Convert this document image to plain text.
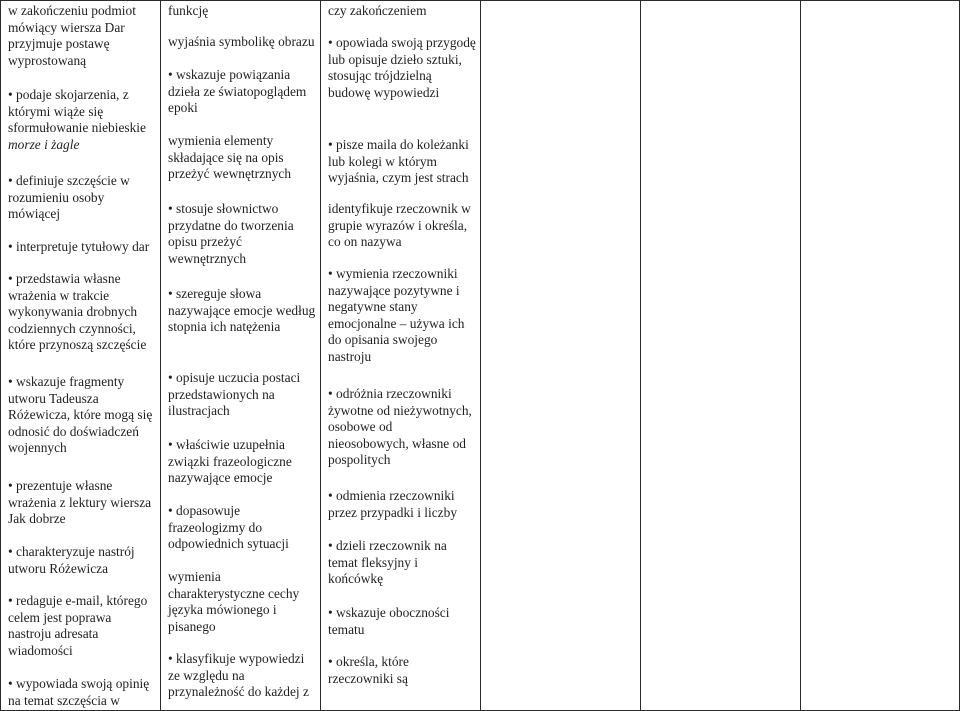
w zakończeniu podmiot mówiący wiersza Dar przyjmuje postawę wyprostowaną
• podaje skojarzenia, z którymi wiąże się sformułowanie niebieskie morze i żagle
• definiuje szczęście w rozumieniu osoby mówiącej
• interpretuje tytułowy dar
• przedstawia własne wrażenia w trakcie wykonywania drobnych codziennych czynności, które przynoszą szczęście
• wskazuje fragmenty utworu Tadeusza Różewicza, które mogą się odnosić do doświadczeń wojennych
• prezentuje własne wrażenia z lektury wiersza Jak dobrze
• charakteryzuje nastrój utworu Różewicza
• redaguje e-mail, którego celem jest poprawa nastroju adresata wiadomości
• wypowiada swoją opinię na temat szczęścia w

funkcję
wyjaśnia symbolikę obrazu
• wskazuje powiązania dzieła ze światopoglądem epoki
wymienia elementy składające się na opis przeżyć wewnętrznych
• stosuje słownictwo przydatne do tworzenia opisu przeżyć wewnętrznych
• szereguje słowa nazywające emocje według stopnia ich natężenia
• opisuje uczucia postaci przedstawionych na ilustracjach
• właściwie uzupełnia związki frazeologiczne nazywające emocje
• dopasowuje frazeologizmy do odpowiednich sytuacji
wymienia charakterystyczne cechy języka mówionego i pisanego
• klasyfikuje wypowiedzi ze względu na przynależność do każdej z

czy zakończeniem
• opowiada swoją przygodę lub opisuje dzieło sztuki, stosując trójdzielną budowę wypowiedzi
• pisze maila do koleżanki lub kolegi w którym wyjaśnia, czym jest strach
identyfikuje rzeczownik w grupie wyrazów i określa, co on nazywa
• wymienia rzeczowniki nazywające pozytywne i negatywne stany emocjonalne – używa ich do opisania swojego nastroju
• odróżnia rzeczowniki żywotne od nieżywotnych, osobowe od nieosobowych, własne od pospolitych
• odmienia rzeczowniki przez przypadki i liczby
• dzieli rzeczownik na temat fleksyjny i końcówkę
• wskazuje oboczności tematu
• określa, które rzeczowniki są
